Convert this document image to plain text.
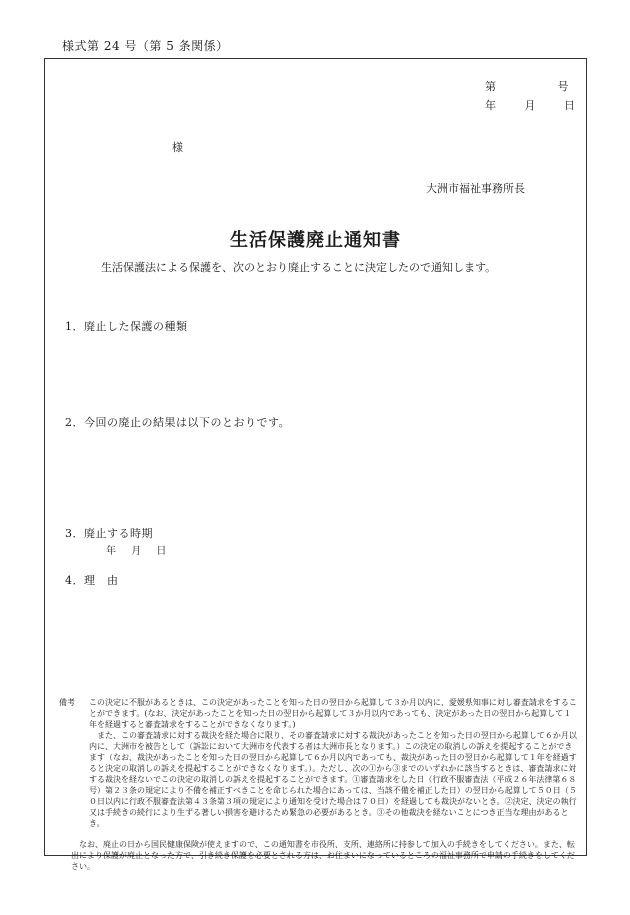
様式第 24 号（第 5 条関係）
第	号
年	月	日
様
大洲市福祉事務所長
生活保護廃止通知書
生活保護法による保護を、次のとおり廃止することに決定したので通知します。
1．廃止した保護の種類
2．今回の廃止の結果は以下のとおりです。
3．廃止する時期
年 月 日
4．理　由
備考	この決定に不服があるときは、この決定があったことを知った日の翌日から起算して３か月以内に、愛媛県知事に対し審査請求をすることができます。(なお、決定があったことを知った日の翌日から起算して３か月以内であっても、決定があった日の翌日から起算して１年を経過すると審査請求をすることができなくなります。)

また、この審査請求に対する裁決を経た場合に限り、その審査請求に対する裁決があったことを知った日の翌日から起算して６か月以内に、大洲市を被告として（訴訟において大洲市を代表する者は大洲市長となります。）この決定の取消しの訴えを提起することができます（なお、裁決があったことを知った日の翌日から起算して６か月以内であっても、裁決があった日の翌日から起算して１年を経過すると決定の取消しの訴えを提起することができなくなります。）。ただし、次の①から③までのいずれかに該当するときは、審査請求に対する裁決を経ないでこの決定の取消しの訴えを提起することができます。①審査請求をした日（行政不服審査法（平成２６年法律第６８号）第２３条の規定により不備を補正すべきことを命じられた場合にあっては、当該不備を補正した日）の翌日から起算して５０日（５０日以内に行政不服審査法第４３条第３項の規定により通知を受けた場合は７０日）を経過しても裁決がないとき。②決定、決定の執行又は手続きの続行により生ずる著しい損害を避けるため緊急の必要があるとき。③その他裁決を経ないことにつき正当な理由があるとき。

なお、廃止の日から国民健康保険が使えますので、この通知書を市役所、支所、連絡所に持参して加入の手続きをしてください。また、転出により保護が廃止となった方で、引き続き保護を必要とされる方は、お住まいになっているところの福祉事務所で申請の手続きをしてください。
